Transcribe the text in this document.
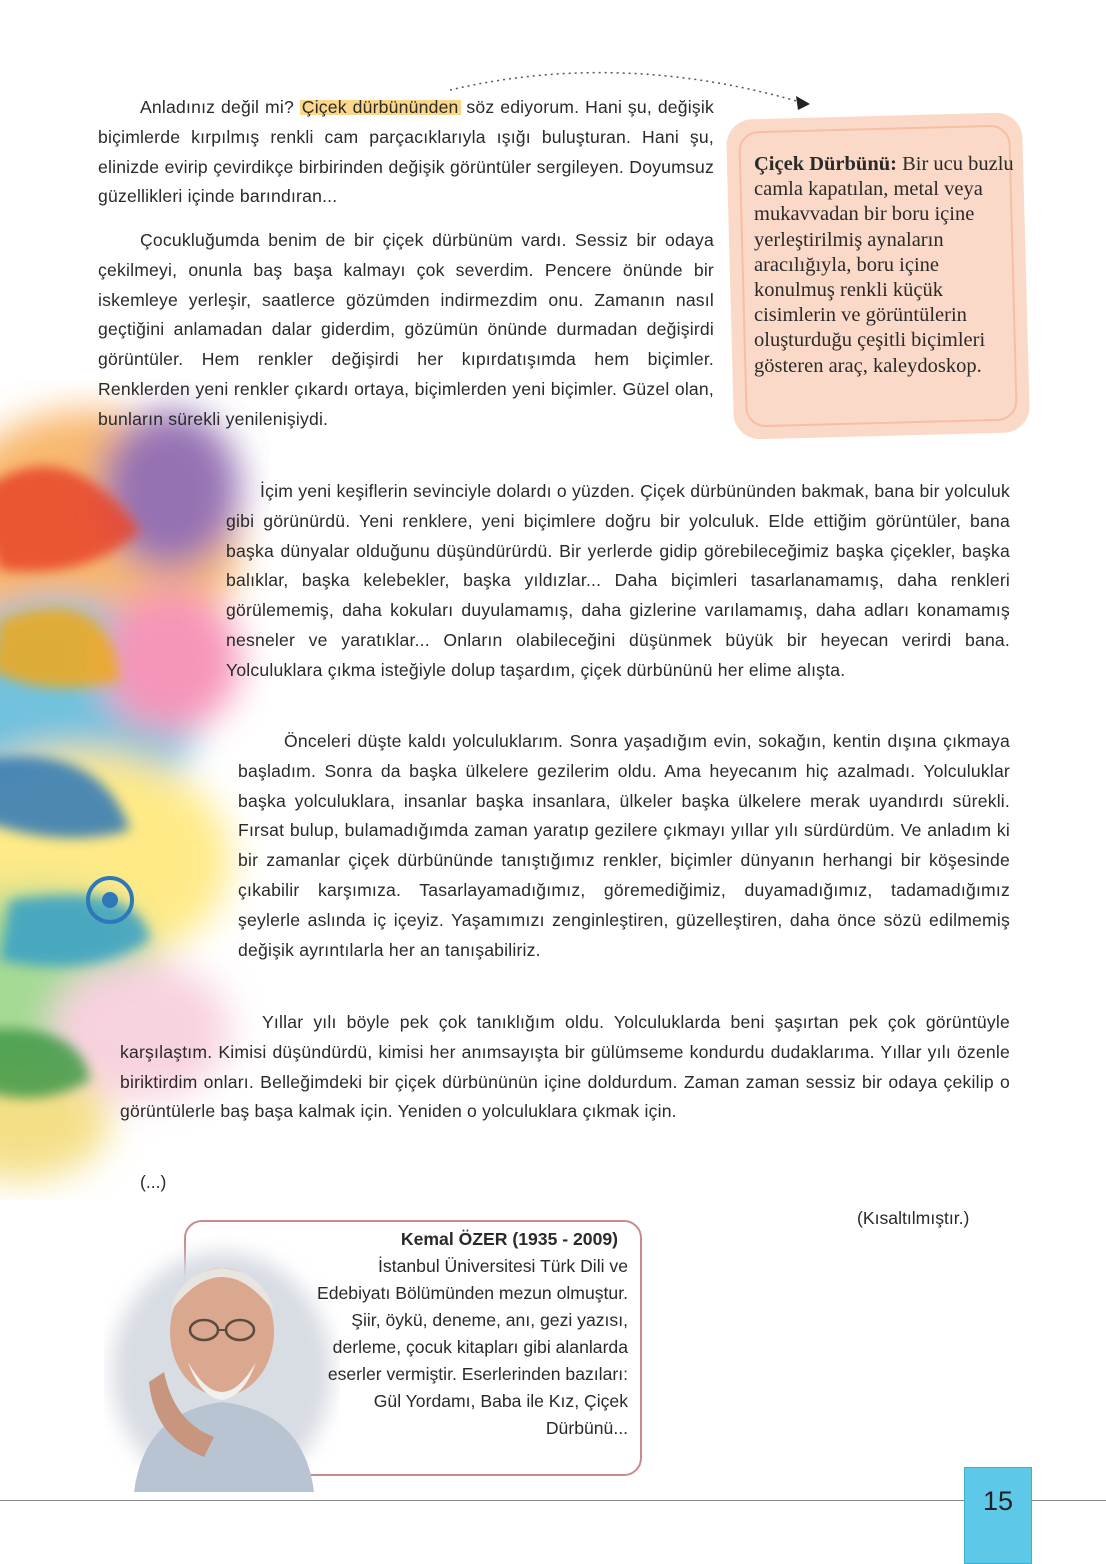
Anladınız değil mi? Çiçek dürbününden söz ediyorum. Hani şu, değişik biçimlerde kırpılmış renkli cam parçacıklarıyla ışığı buluşturan. Hani şu, elinizde evirip çevirdikçe birbirinden değişik görüntüler sergileyen. Doyumsuz güzellikleri içinde barındıran...

Çocukluğumda benim de bir çiçek dürbünüm vardı. Sessiz bir odaya çekilmeyi, onunla baş başa kalmayı çok severdim. Pencere önünde bir iskemleye yerleşir, saatlerce gözümden indirmezdim onu. Zamanın nasıl geçtiğini anlamadan dalar giderdim, gözümün önünde durmadan değişirdi görüntüler. Hem renkler değişirdi her kıpırdatışımda hem biçimler. Renklerden yeni renkler çıkardı ortaya, biçimlerden yeni biçimler. Güzel olan, bunların sürekli yenilenişiydi.

Çiçek Dürbünü: Bir ucu buzlu camla kapatılan, metal veya mukavvadan bir boru içine yerleştirilmiş aynaların aracılığıyla, boru içine konulmuş renkli küçük cisimlerin ve görüntülerin oluşturduğu çeşitli biçimleri gösteren araç, kaleydoskop.

İçim yeni keşiflerin sevinciyle dolardı o yüzden. Çiçek dürbününden bakmak, bana bir yolculuk gibi görünürdü. Yeni renklere, yeni biçimlere doğru bir yolculuk. Elde ettiğim görüntüler, bana başka dünyalar olduğunu düşündürürdü. Bir yerlerde gidip görebileceğimiz başka çiçekler, başka balıklar, başka kelebekler, başka yıldızlar... Daha biçimleri tasarlanamamış, daha renkleri görülememiş, daha kokuları duyulamamış, daha gizlerine varılamamış, daha adları konamamış nesneler ve yaratıklar... Onların olabileceğini düşünmek büyük bir heyecan verirdi bana. Yolculuklara çıkma isteğiyle dolup taşardım, çiçek dürbününü her elime alışta.

Önceleri düşte kaldı yolculuklarım. Sonra yaşadığım evin, sokağın, kentin dışına çıkmaya başladım. Sonra da başka ülkelere gezilerim oldu. Ama heyecanım hiç azalmadı. Yolculuklar başka yolculuklara, insanlar başka insanlara, ülkeler başka ülkelere merak uyandırdı sürekli. Fırsat bulup, bulamadığımda zaman yaratıp gezilere çıkmayı yıllar yılı sürdürdüm. Ve anladım ki bir zamanlar çiçek dürbününde tanıştığımız renkler, biçimler dünyanın herhangi bir köşesinde çıkabilir karşımıza. Tasarlayamadığımız, göremediğimiz, duyamadığımız, tadamadığımız şeylerle aslında iç içeyiz. Yaşamımızı zenginleştiren, güzelleştiren, daha önce sözü edilmemiş değişik ayrıntılarla her an tanışabiliriz.

Yıllar yılı böyle pek çok tanıklığım oldu. Yolculuklarda beni şaşırtan pek çok görüntüyle karşılaştım. Kimisi düşündürdü, kimisi her anımsayışta bir gülümseme kondurdu dudaklarıma. Yıllar yılı özenle biriktirdim onları. Belleğimdeki bir çiçek dürbününün içine doldurdum. Zaman zaman sessiz bir odaya çekilip o görüntülerle baş başa kalmak için. Yeniden o yolculuklara çıkmak için.

(...)
(Kısaltılmıştır.)
Kemal ÖZER (1935 - 2009)
İstanbul Üniversitesi Türk Dili ve Edebiyatı Bölümünden mezun olmuştur. Şiir, öykü, deneme, anı, gezi yazısı, derleme, çocuk kitapları gibi alanlarda eserler vermiştir. Eserlerinden bazıları: Gül Yordamı, Baba ile Kız, Çiçek Dürbünü...
15
